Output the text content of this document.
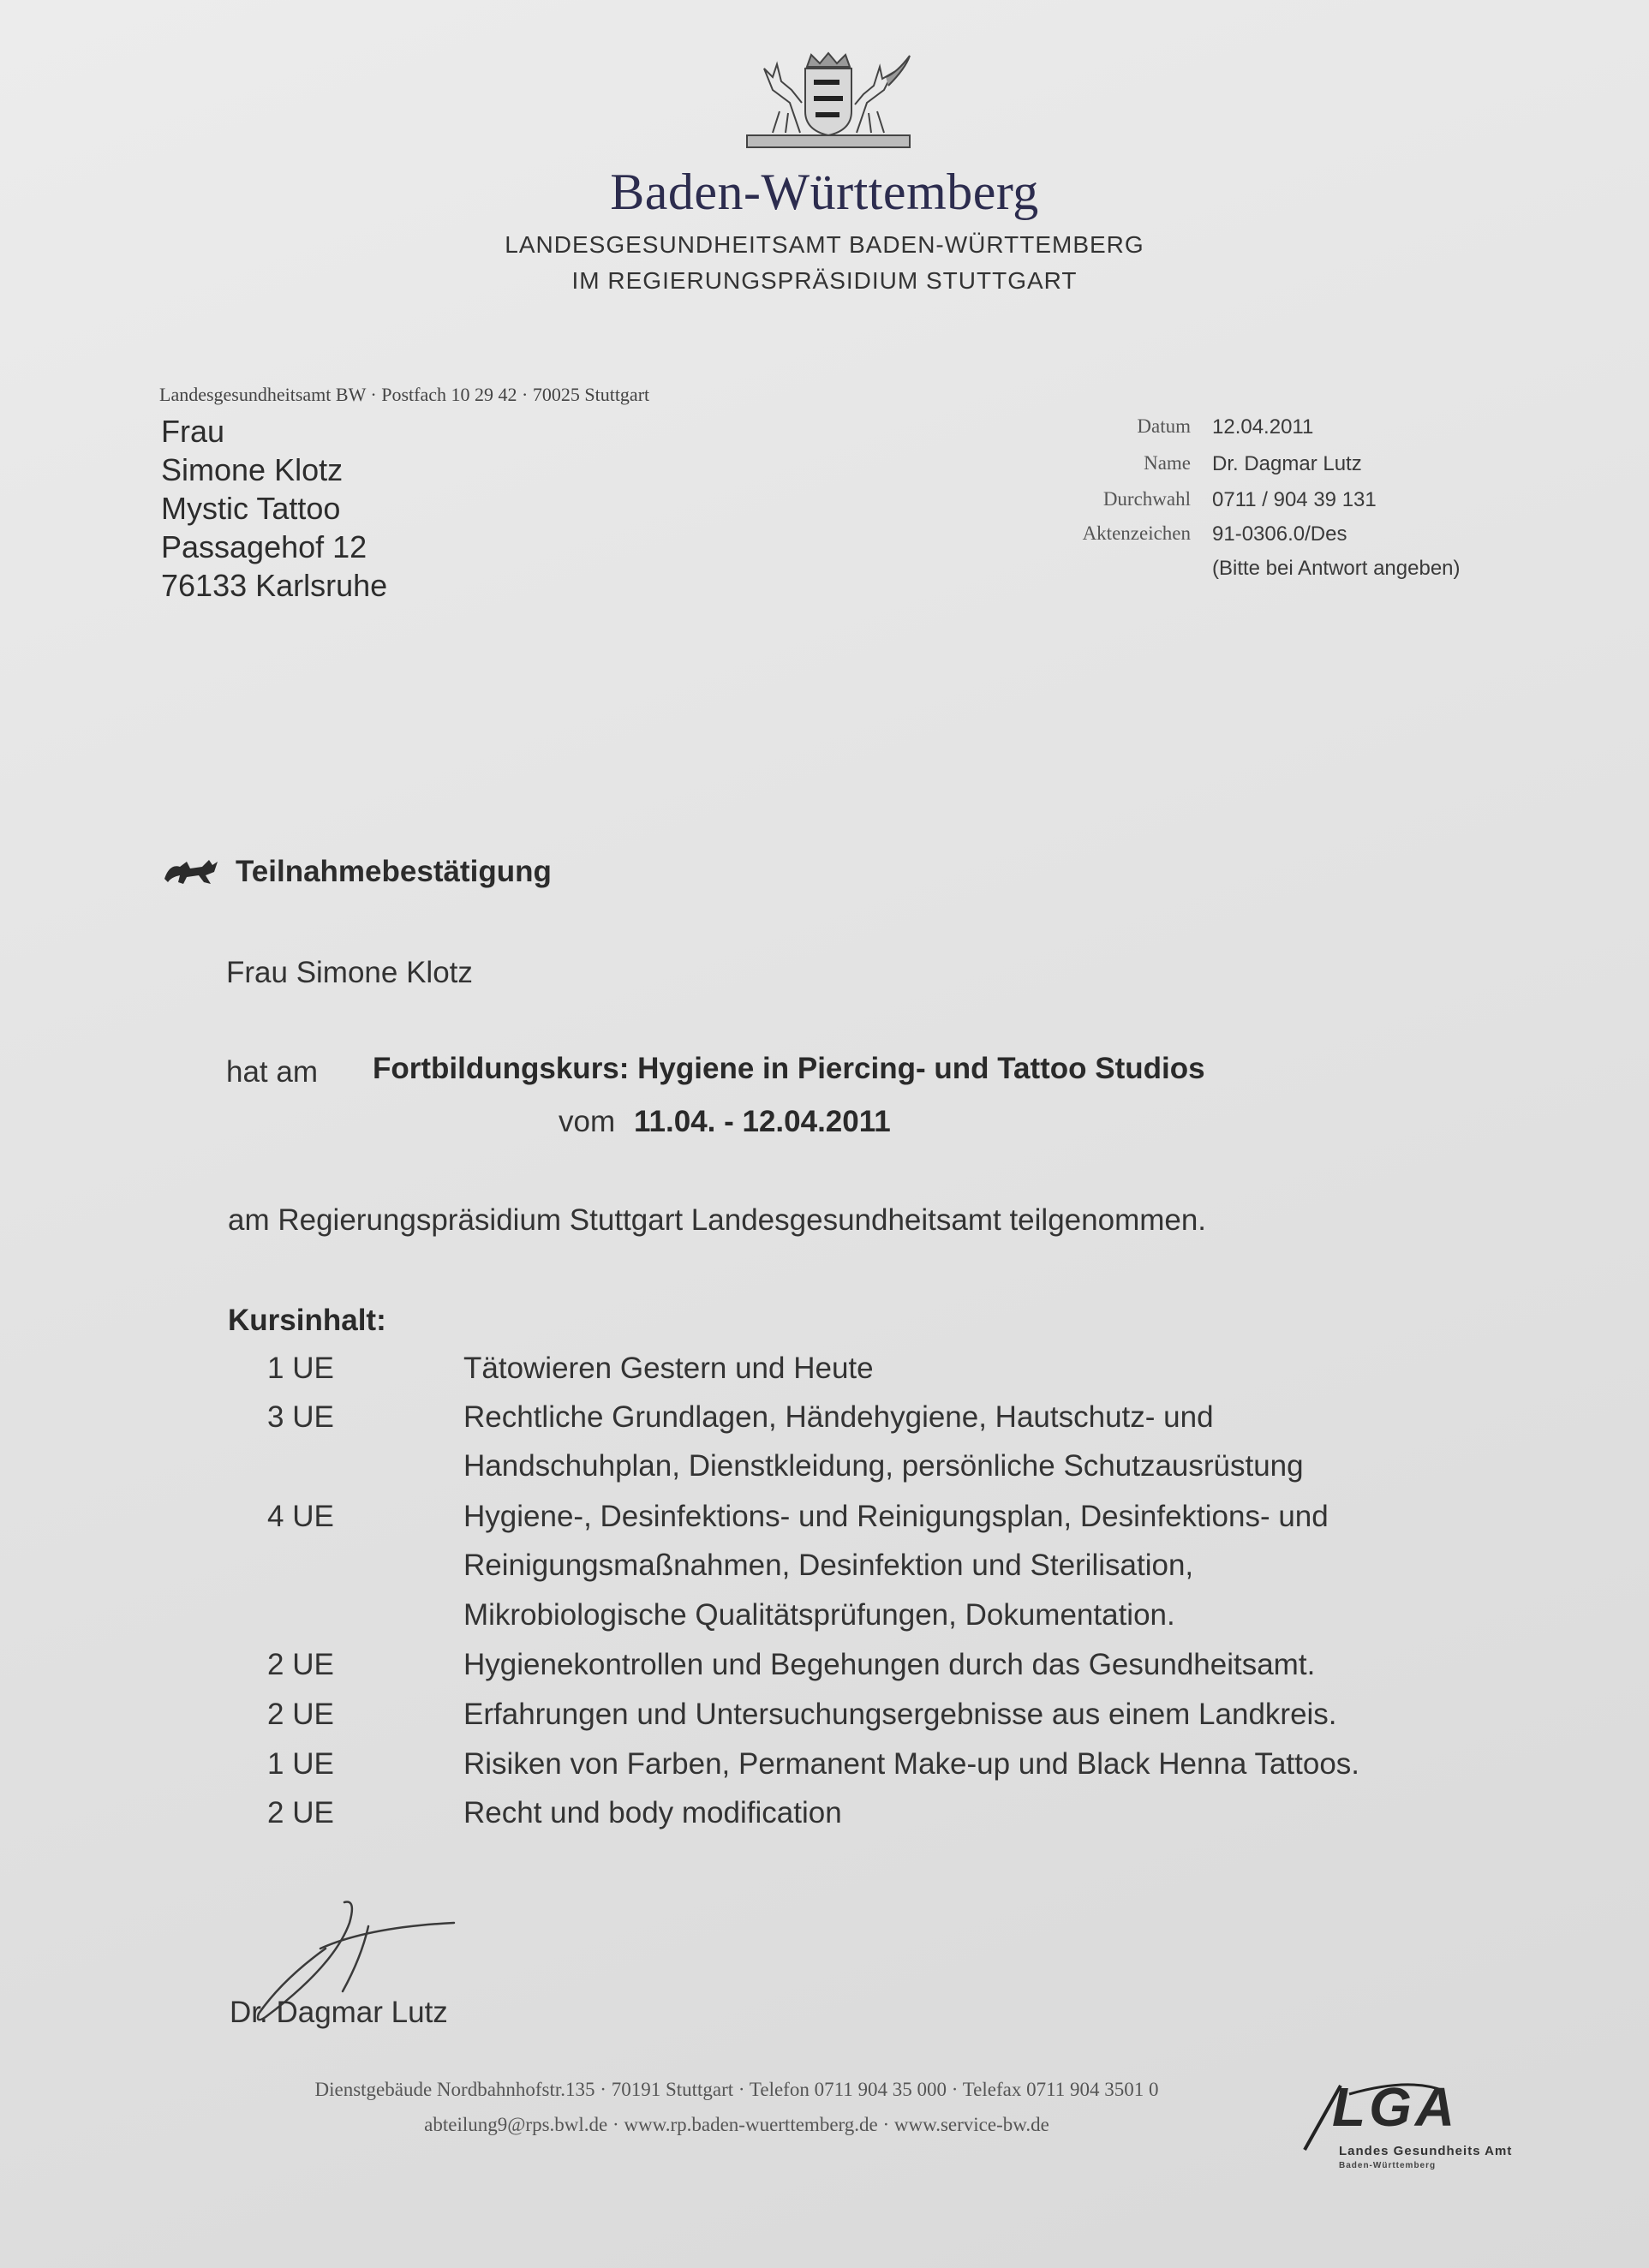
Baden-Württemberg
LANDESGESUNDHEITSAMT BADEN-WÜRTTEMBERG
IM REGIERUNGSPRÄSIDIUM STUTTGART
Landesgesundheitsamt BW · Postfach 10 29 42 · 70025 Stuttgart
Frau
Simone Klotz
Mystic Tattoo
Passagehof 12
76133 Karlsruhe
Datum 12.04.2011
Name Dr. Dagmar Lutz
Durchwahl 0711 / 904 39 131
Aktenzeichen 91-0306.0/Des
(Bitte bei Antwort angeben)
Teilnahmebestätigung
Frau Simone Klotz
hat am Fortbildungskurs: Hygiene in Piercing- und Tattoo Studios
vom 11.04. - 12.04.2011
am Regierungspräsidium Stuttgart Landesgesundheitsamt teilgenommen.
Kursinhalt:
1 UE	Tätowieren Gestern und Heute
3 UE	Rechtliche Grundlagen, Händehygiene, Hautschutz- und
Handschuhplan, Dienstkleidung, persönliche Schutzausrüstung
4 UE	Hygiene-, Desinfektions- und Reinigungsplan, Desinfektions- und
Reinigungsmaßnahmen, Desinfektion und Sterilisation,
Mikrobiologische Qualitätsprüfungen, Dokumentation.
2 UE	Hygienekontrollen und Begehungen durch das Gesundheitsamt.
2 UE	Erfahrungen und Untersuchungsergebnisse aus einem Landkreis.
1 UE	Risiken von Farben, Permanent Make-up und Black Henna Tattoos.
2 UE	Recht und body modification
Dr. Dagmar Lutz
Dienstgebäude Nordbahnhofstr.135 · 70191 Stuttgart · Telefon 0711 904 35 000 · Telefax 0711 904 3501 0
abteilung9@rps.bwl.de · www.rp.baden-wuerttemberg.de · www.service-bw.de	LGA
Landes Gesundheits Amt
Baden-Württemberg
